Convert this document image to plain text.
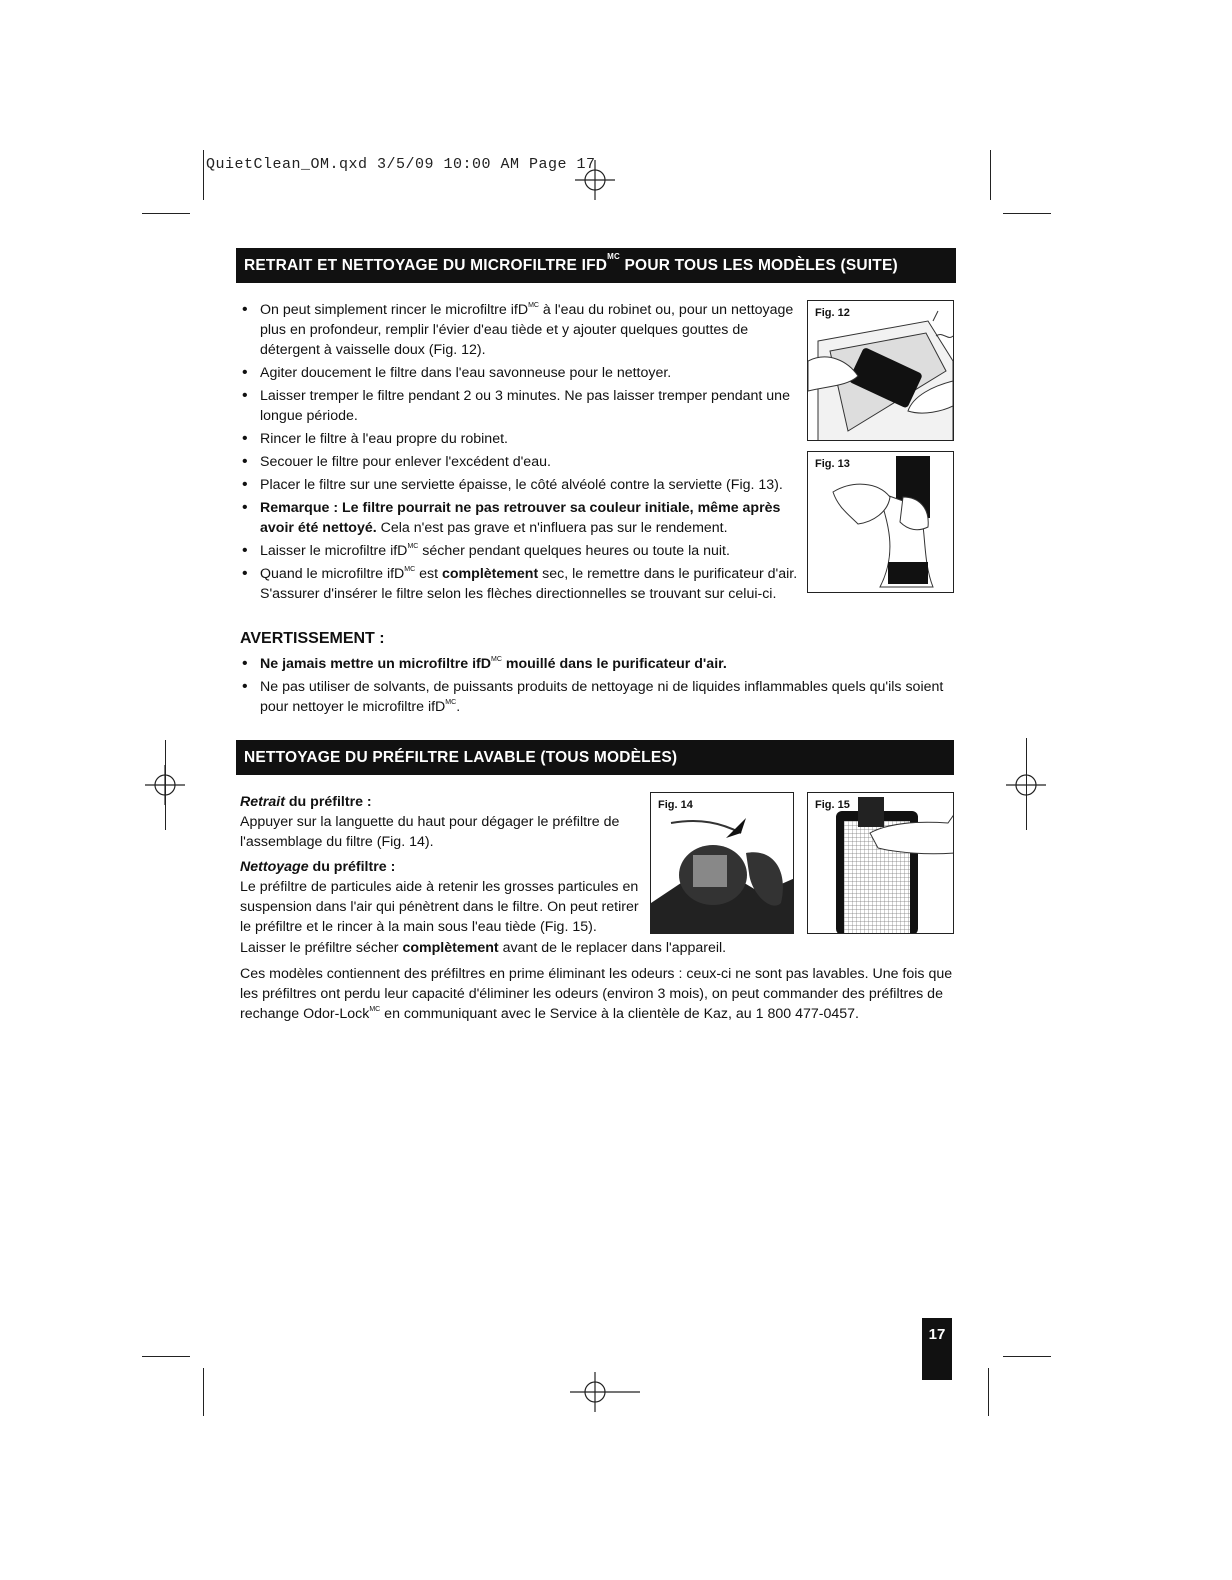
QuietClean_OM.qxd 3/5/09 10:00 AM Page 17
RETRAIT ET NETTOYAGE DU MICROFILTRE $IFD^{MC}$ POUR TOUS LES MODÈLES (SUITE)
• On peut simplement rincer le microfiltre ifD$^{MC}$ à l'eau du robinet ou, pour un nettoyage plus en profondeur, remplir l'évier d'eau tiède et y ajouter quelques gouttes de détergent à vaisselle doux (Fig. 12).
• Agiter doucement le filtre dans l'eau savonneuse pour le nettoyer.
• Laisser tremper le filtre pendant 2 ou 3 minutes. Ne pas laisser tremper pendant une longue période.
• Rincer le filtre à l'eau propre du robinet.
• Secouer le filtre pour enlever l'excédent d'eau.
• Placer le filtre sur une serviette épaisse, le côté alvéolé contre la serviette (Fig. 13).
• Remarque : Le filtre pourrait ne pas retrouver sa couleur initiale, même après avoir été nettoyé. Cela n'est pas grave et n'influera pas sur le rendement.
• Laisser le microfiltre ifD$^{MC}$ sécher pendant quelques heures ou toute la nuit.
• Quand le microfiltre ifD$^{MC}$ est complètement sec, le remettre dans le purificateur d'air. S'assurer d'insérer le filtre selon les flèches directionnelles se trouvant sur celui-ci.
Fig. 12
Fig. 13
AVERTISSEMENT :
• Ne jamais mettre un microfiltre ifD$^{MC}$ mouillé dans le purificateur d'air.
• Ne pas utiliser de solvants, de puissants produits de nettoyage ni de liquides inflammables quels qu'ils soient pour nettoyer le microfiltre ifD$^{MC}$.
NETTOYAGE DU PRÉFILTRE LAVABLE (TOUS MODÈLES)
Retrait du préfiltre :
Appuyer sur la languette du haut pour dégager le préfiltre de l'assemblage du filtre (Fig. 14).
Nettoyage du préfiltre :
Le préfiltre de particules aide à retenir les grosses particules en suspension dans l'air qui pénètrent dans le filtre. On peut retirer le préfiltre et le rincer à la main sous l'eau tiède (Fig. 15).
Laisser le préfiltre sécher complètement avant de le replacer dans l'appareil.
Ces modèles contiennent des préfiltres en prime éliminant les odeurs : ceux-ci ne sont pas lavables. Une fois que les préfiltres ont perdu leur capacité d'éliminer les odeurs (environ 3 mois), on peut commander des préfiltres de rechange Odor-Lock$^{MC}$ en communiquant avec le Service à la clientèle de Kaz, au 1 800 477-0457.
Fig. 14	Fig. 15
17
